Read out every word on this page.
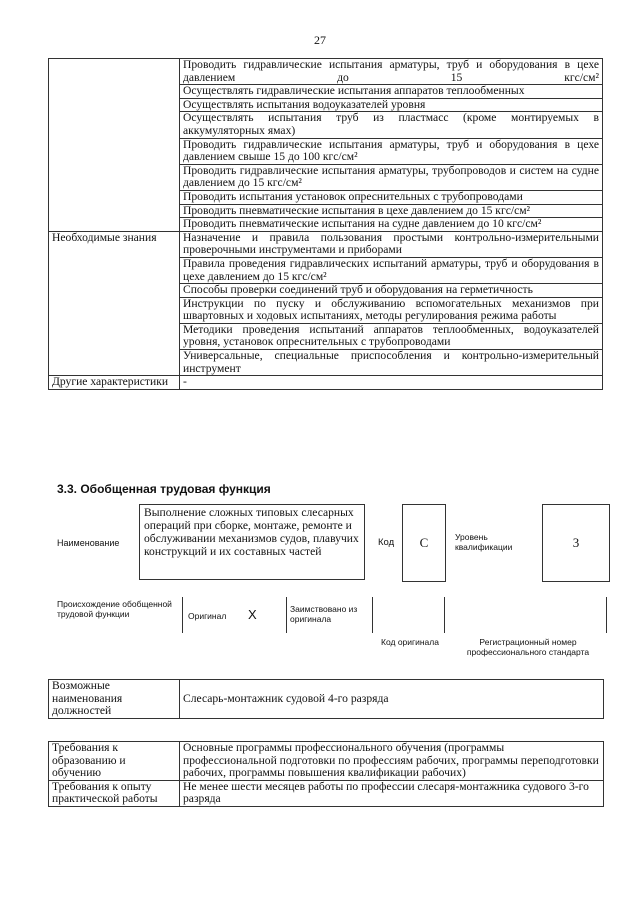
27
	Проводить гидравлические испытания арматуры, труб и оборудования в цехе давлением до 15 кгс/см²
	Осуществлять гидравлические испытания аппаратов теплообменных
	Осуществлять испытания водоуказателей уровня
	Осуществлять испытания труб из пластмасс (кроме монтируемых в аккумуляторных ямах)
	Проводить гидравлические испытания арматуры, труб и оборудования в цехе давлением свыше 15 до 100 кгс/см²
	Проводить гидравлические испытания арматуры, трубопроводов и систем на судне давлением до 15 кгс/см²
	Проводить испытания установок опреснительных с трубопроводами
	Проводить пневматические испытания в цехе давлением до 15 кгс/см²
	Проводить пневматические испытания на судне давлением до 10 кгс/см²
Необходимые знания	Назначение и правила пользования простыми контрольно-измерительными проверочными инструментами и приборами
	Правила проведения гидравлических испытаний арматуры, труб и оборудования в цехе давлением до 15 кгс/см²
	Способы проверки соединений труб и оборудования на герметичность
	Инструкции по пуску и обслуживанию вспомогательных механизмов при швартовных и ходовых испытаниях, методы регулирования режима работы
	Методики проведения испытаний аппаратов теплообменных, водоуказателей уровня, установок опреснительных с трубопроводами
	Универсальные, специальные приспособления и контрольно-измерительный инструмент
Другие характеристики	-
3.3. Обобщенная трудовая функция
Наименование
Выполнение сложных типовых слесарных операций при сборке, монтаже, ремонте и обслуживании механизмов судов, плавучих конструкций и их составных частей
Код C	Уровень квалификации	3
Происхождение обобщенной трудовой функции	Оригинал X	Заимствовано из оригинала
Код оригинала	Регистрационный номер профессионального стандарта
Возможные наименования должностей	Слесарь-монтажник судовой 4-го разряда
Требования к образованию и обучению	Основные программы профессионального обучения (программы профессиональной подготовки по профессиям рабочих, программы переподготовки рабочих, программы повышения квалификации рабочих)
Требования к опыту практической работы	Не менее шести месяцев работы по профессии слесаря-монтажника судового 3-го разряда
